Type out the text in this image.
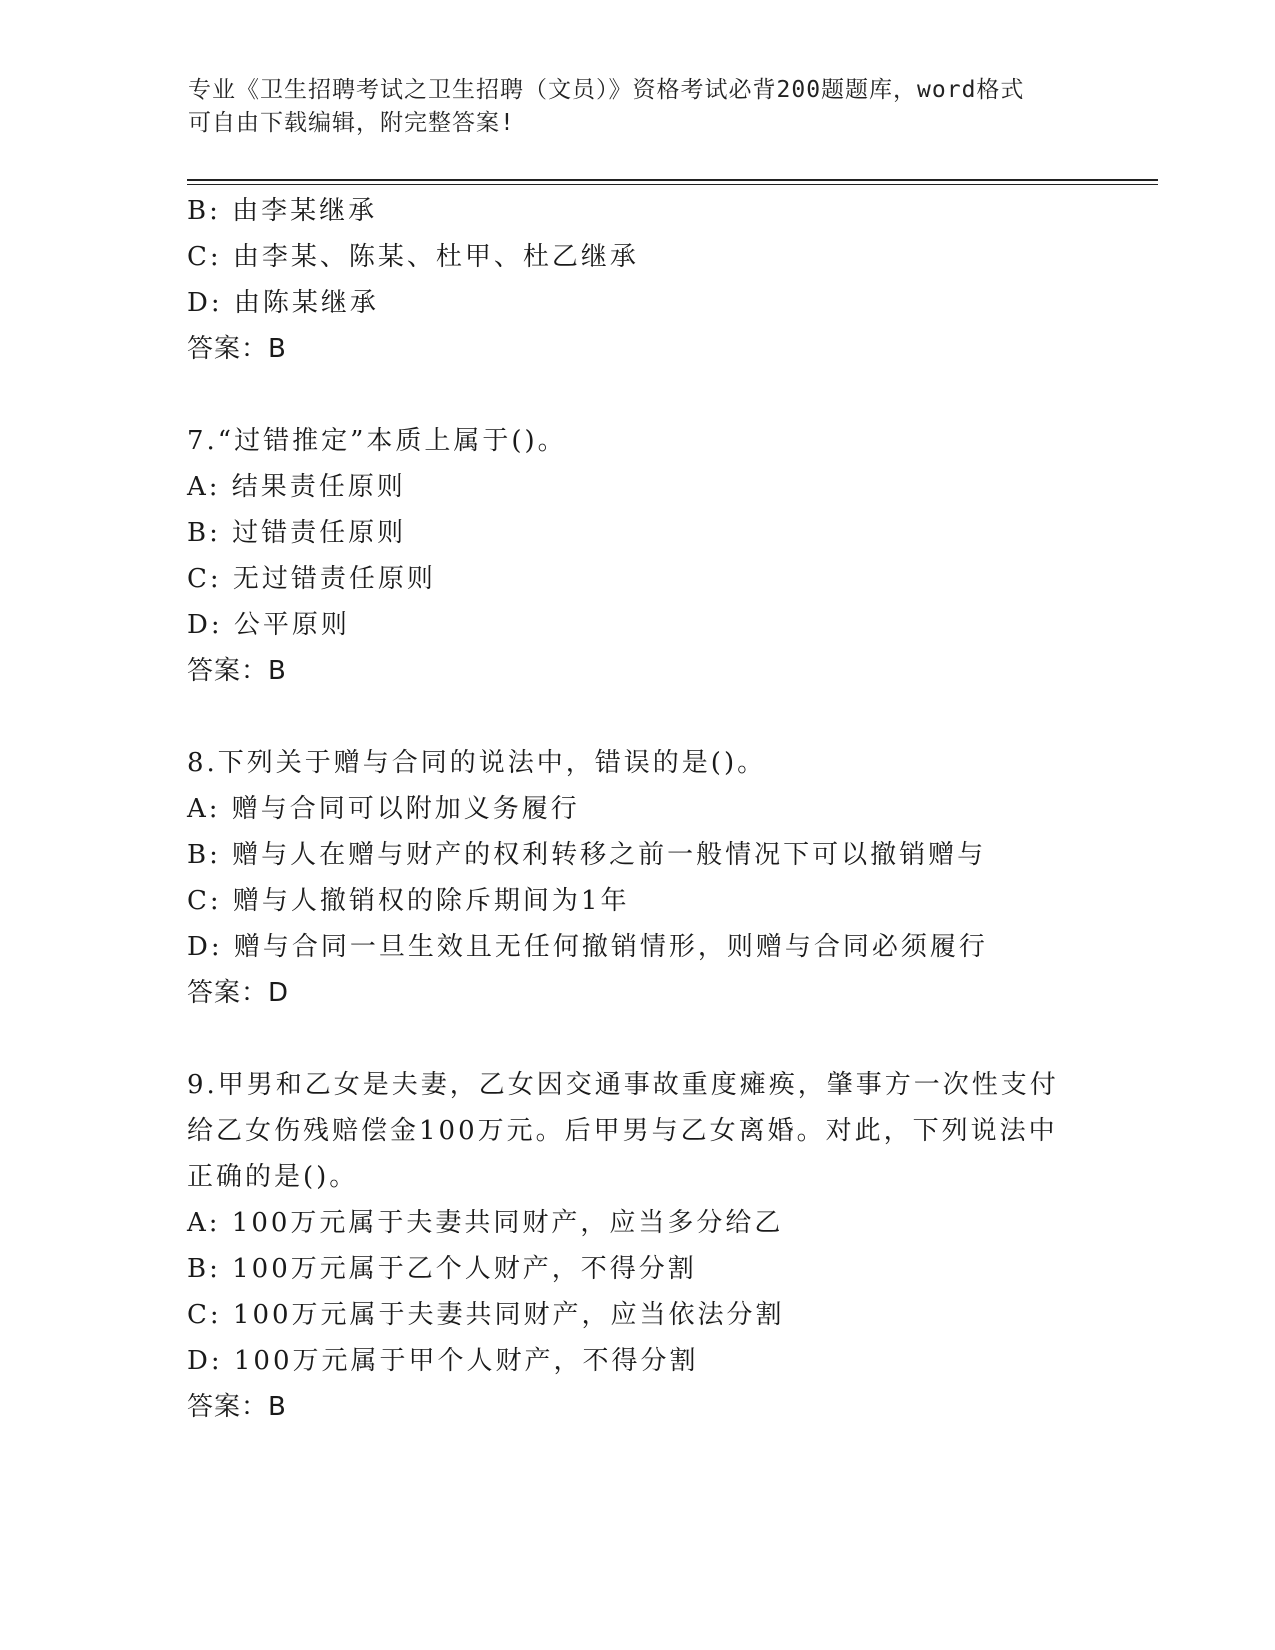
专业《卫生招聘考试之卫生招聘（文员）》资格考试必背200题题库，word格式
可自由下载编辑，附完整答案!
B: 由李某继承
C: 由李某、陈某、杜甲、杜乙继承
D: 由陈某继承
答案：B
7.“过错推定”本质上属于()。
A: 结果责任原则
B: 过错责任原则
C: 无过错责任原则
D: 公平原则
答案：B
8.下列关于赠与合同的说法中，错误的是()。
A: 赠与合同可以附加义务履行
B: 赠与人在赠与财产的权利转移之前一般情况下可以撤销赠与
C: 赠与人撤销权的除斥期间为1年
D: 赠与合同一旦生效且无任何撤销情形，则赠与合同必须履行
答案：D
9.甲男和乙女是夫妻，乙女因交通事故重度瘫痪，肇事方一次性支付
给乙女伤残赔偿金100万元。后甲男与乙女离婚。对此，下列说法中
正确的是()。
A: 100万元属于夫妻共同财产，应当多分给乙
B: 100万元属于乙个人财产，不得分割
C: 100万元属于夫妻共同财产，应当依法分割
D: 100万元属于甲个人财产，不得分割
答案：B
